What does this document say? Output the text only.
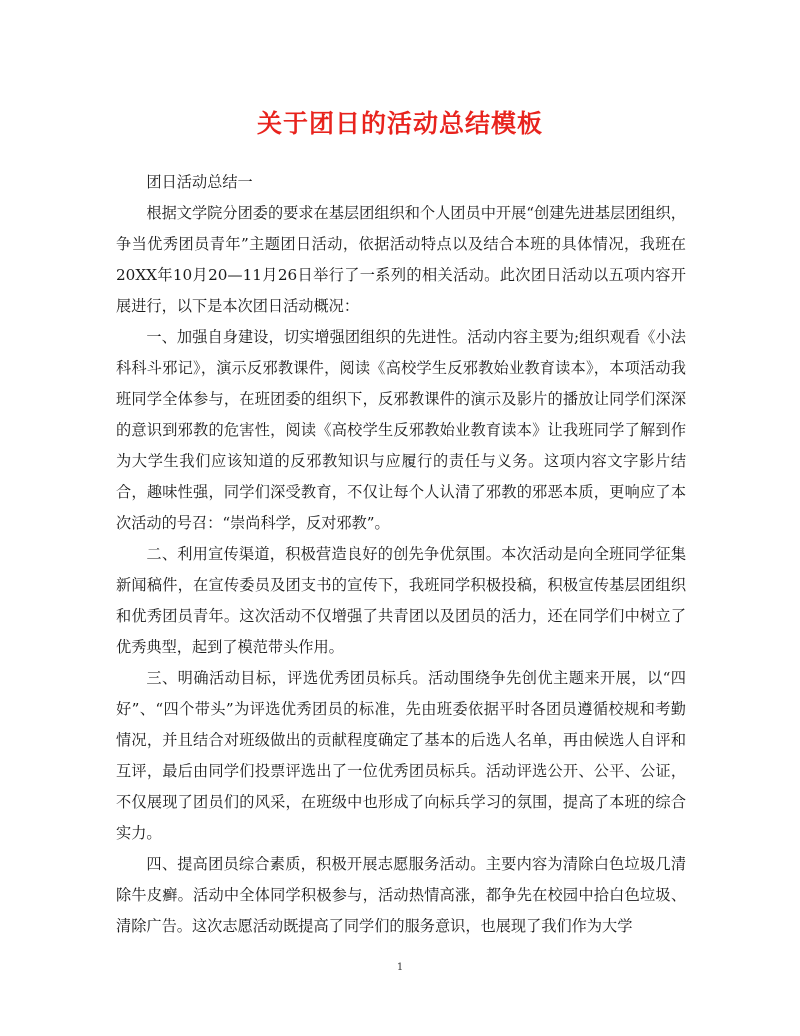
关于团日的活动总结模板

团日活动总结一

根据文学院分团委的要求在基层团组织和个人团员中开展“创建先进基层团组织，争当优秀团员青年”主题团日活动，依据活动特点以及结合本班的具体情况，我班在20XX年10月20—11月26日举行了一系列的相关活动。此次团日活动以五项内容开展进行，以下是本次团日活动概况：

一、加强自身建设，切实增强团组织的先进性。活动内容主要为;组织观看《小法科科斗邪记》，演示反邪教课件，阅读《高校学生反邪教始业教育读本》，本项活动我班同学全体参与，在班团委的组织下，反邪教课件的演示及影片的播放让同学们深深的意识到邪教的危害性，阅读《高校学生反邪教始业教育读本》让我班同学了解到作为大学生我们应该知道的反邪教知识与应履行的责任与义务。这项内容文字影片结合，趣味性强，同学们深受教育，不仅让每个人认清了邪教的邪恶本质，更响应了本次活动的号召：“崇尚科学，反对邪教”。

二、利用宣传渠道，积极营造良好的创先争优氛围。本次活动是向全班同学征集新闻稿件，在宣传委员及团支书的宣传下，我班同学积极投稿，积极宣传基层团组织和优秀团员青年。这次活动不仅增强了共青团以及团员的活力，还在同学们中树立了优秀典型，起到了模范带头作用。

三、明确活动目标，评选优秀团员标兵。活动围绕争先创优主题来开展，以“四好”、“四个带头”为评选优秀团员的标准，先由班委依据平时各团员遵循校规和考勤情况，并且结合对班级做出的贡献程度确定了基本的后选人名单，再由候选人自评和互评，最后由同学们投票评选出了一位优秀团员标兵。活动评选公开、公平、公证，不仅展现了团员们的风采，在班级中也形成了向标兵学习的氛围，提高了本班的综合实力。

四、提高团员综合素质，积极开展志愿服务活动。主要内容为清除白色垃圾几清除牛皮癣。活动中全体同学积极参与，活动热情高涨，都争先在校园中拾白色垃圾、清除广告。这次志愿活动既提高了同学们的服务意识，也展现了我们作为大学

1
